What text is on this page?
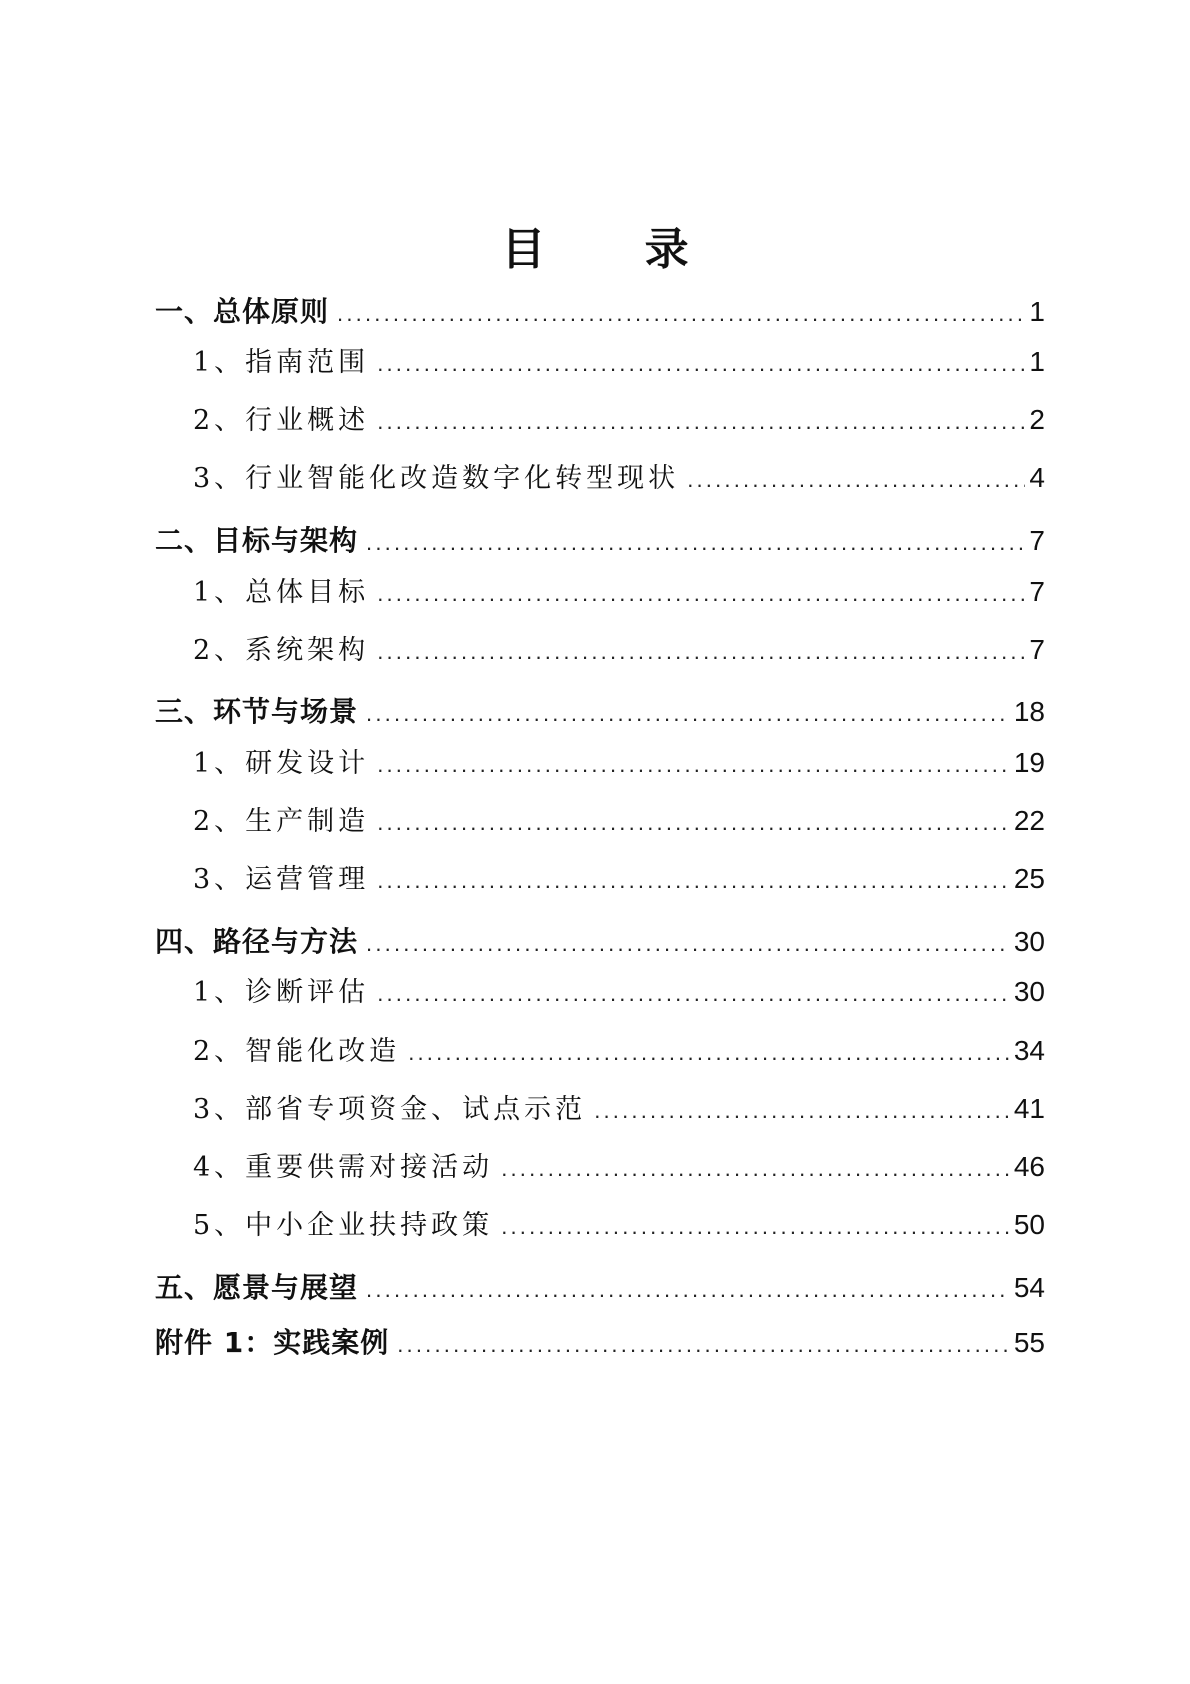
目 录
一、总体原则 .....	1
1、指南范围 .....	1
2、行业概述 .....	2
3、行业智能化改造数字化转型现状 .....	4
二、目标与架构 .....	7
1、总体目标 .....	7
2、系统架构 .....	7
三、环节与场景 .....	18
1、研发设计 .....	19
2、生产制造 .....	22
3、运营管理 .....	25
四、路径与方法 .....	30
1、诊断评估 .....	30
2、智能化改造 .....	34
3、部省专项资金、试点示范 .....	41
4、重要供需对接活动 .....	46
5、中小企业扶持政策 .....	50
五、愿景与展望 .....	54
附件 1：实践案例 .....	55
